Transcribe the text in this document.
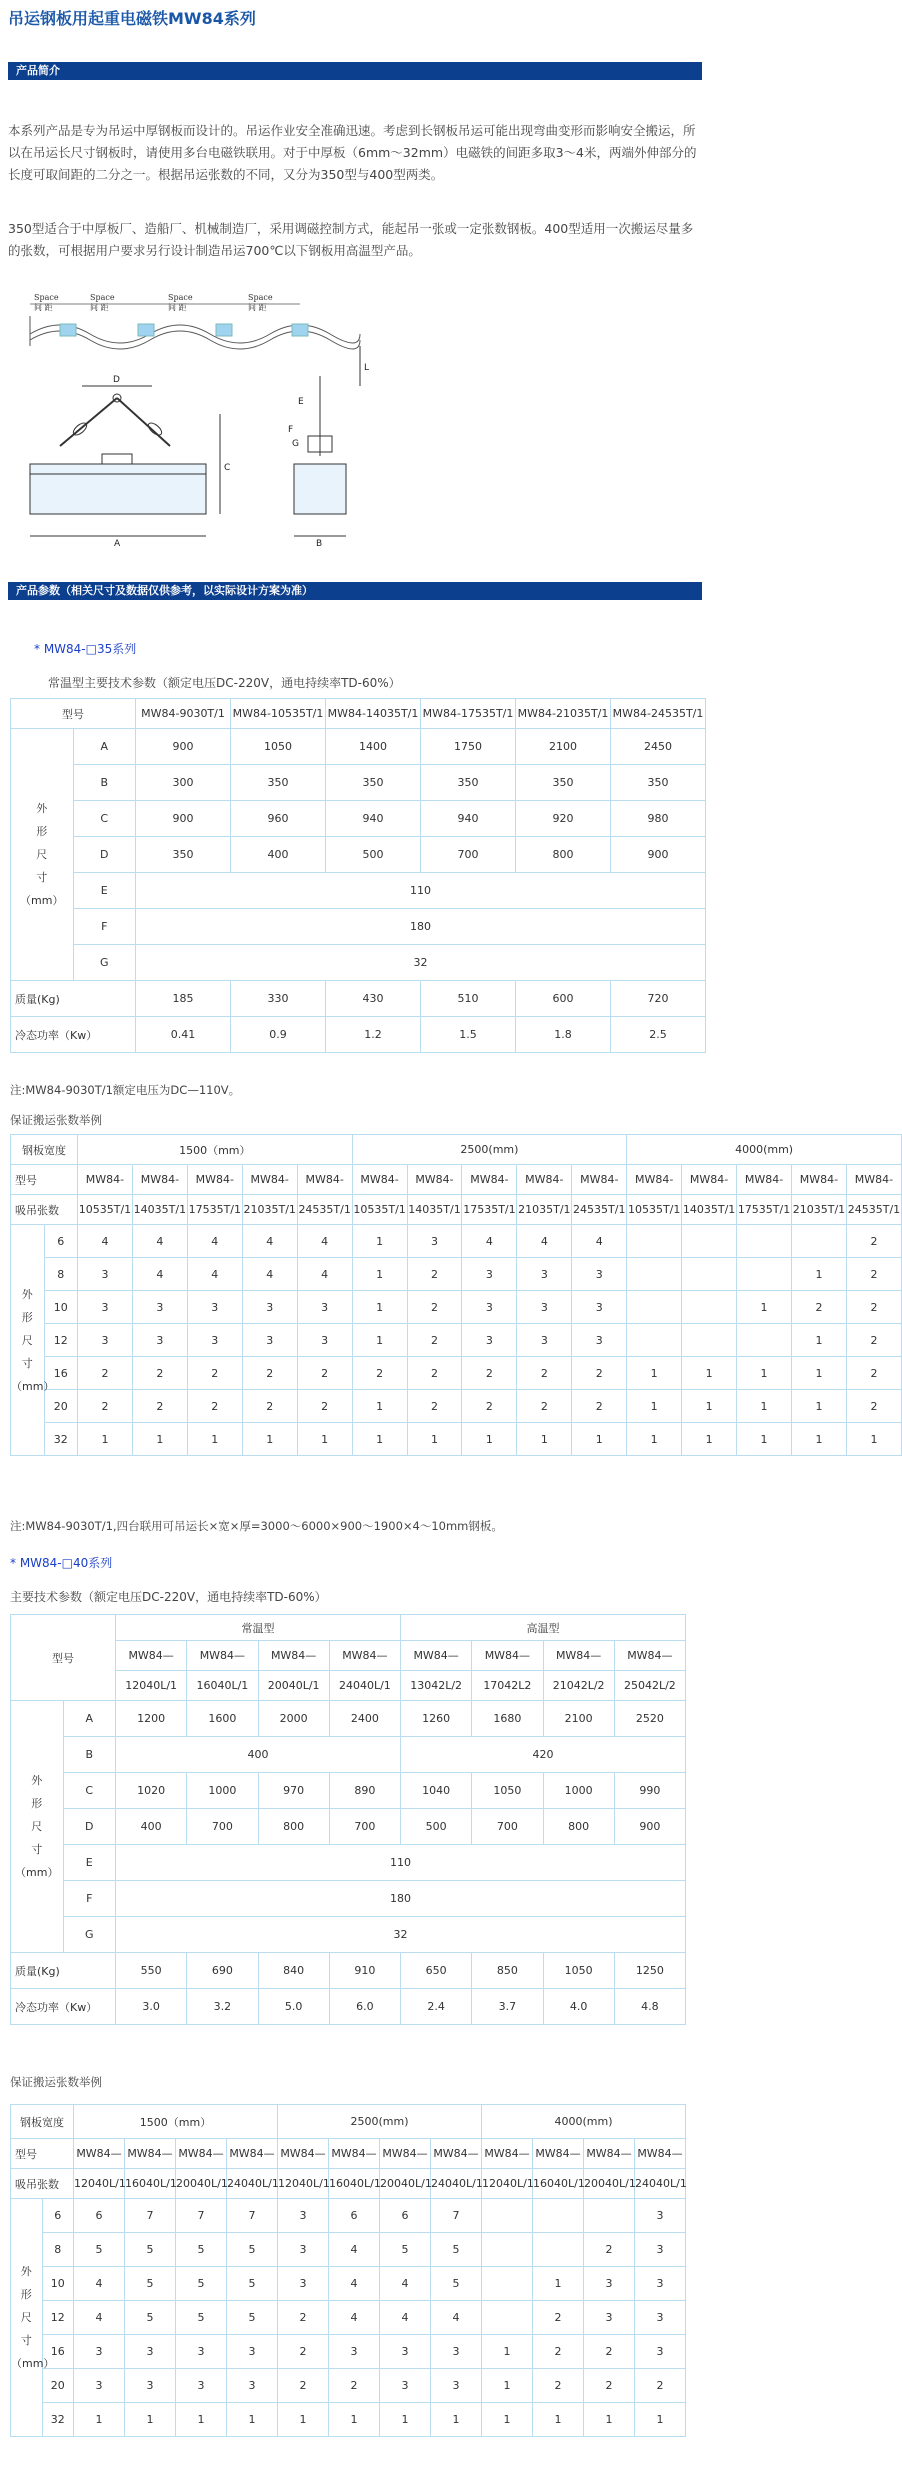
吊运钢板用起重电磁铁MW84系列
产品简介
本系列产品是专为吊运中厚钢板而设计的。吊运作业安全准确迅速。考虑到长钢板吊运可能出现弯曲变形而影响安全搬运，所以在吊运长尺寸钢板时，请使用多台电磁铁联用。对于中厚板（6mm～32mm）电磁铁的间距多取3～4米，两端外伸部分的长度可取间距的二分之一。根据吊运张数的不同，又分为350型与400型两类。
350型适合于中厚板厂、造船厂、机械制造厂，采用调磁控制方式，能起吊一张或一定张数钢板。400型适用一次搬运尽量多的张数，可根据用户要求另行设计制造吊运700℃以下钢板用高温型产品。
Space	Space	Space	Space
间 距	间 距	间 距	间 距
D
A
C
B
E
F
G
L
产品参数（相关尺寸及数据仅供参考，以实际设计方案为准）
* MW84-□35系列
常温型主要技术参数（额定电压DC-220V，通电持续率TD-60%）
型号		MW84-9030T/1	MW84-10535T/1	MW84-14035T/1	MW84-17535T/1	MW84-21035T/1	MW84-24535T/1

外
形
尺
寸
（mm）	A	900	1050	1400	1750	2100	2450
	B	300	350	350	350	350	350
	C	900	960	940	940	920	980
	D	350	400	500	700	800	900
	E	110					
	F	180					
	G	32					
质量(Kg)		185	330	430	510	600	720
冷态功率（Kw）		0.41	0.9	1.2	1.5	1.8	2.5
注:MW84-9030T/1额定电压为DC—110V。
保证搬运张数举例
钢板宽度		1500（mm）					2500(mm)					4000(mm)				
型号		MW84-	MW84-	MW84-	MW84-	MW84-	MW84-	MW84-	MW84-	MW84-	MW84-	MW84-	MW84-	MW84-	MW84-	MW84-
吸吊张数		10535T/1	14035T/1	17535T/1	21035T/1	24535T/1	10535T/1	14035T/1	17535T/1	21035T/1	24535T/1	10535T/1	14035T/1	17535T/1	21035T/1	24535T/1

外
形
尺
寸
（mm）	6	4	4	4	4	4	1	3	4	4	4					2
	8	3	4	4	4	4	1	2	3	3	3				1	2
	10	3	3	3	3	3	1	2	3	3	3			1	2	2
	12	3	3	3	3	3	1	2	3	3	3				1	2
	16	2	2	2	2	2	2	2	2	2	2	1	1	1	1	2
	20	2	2	2	2	2	1	2	2	2	2	1	1	1	1	2
	32	1	1	1	1	1	1	1	1	1	1	1	1	1	1	1
注:MW84-9030T/1,四台联用可吊运长×宽×厚=3000～6000×900～1900×4～10mm钢板。
* MW84-□40系列
主要技术参数（额定电压DC-220V，通电持续率TD-60%）
型号		常温型				高温型			
		MW84—	MW84—	MW84—	MW84—	MW84—	MW84—	MW84—	MW84—
		12040L/1	16040L/1	20040L/1	24040L/1	13042L/2	17042L2	21042L/2	25042L/2

外
形
尺
寸
（mm）	A	1200	1600	2000	2400	1260	1680	2100	2520
	B	400				420			
	C	1020	1000	970	890	1040	1050	1000	990
	D	400	700	800	700	500	700	800	900
	E	110							
	F	180							
	G	32							
质量(Kg)		550	690	840	910	650	850	1050	1250
冷态功率（Kw）		3.0	3.2	5.0	6.0	2.4	3.7	4.0	4.8
保证搬运张数举例
钢板宽度		1500（mm）				2500(mm)				4000(mm)			
型号		MW84—	MW84—	MW84—	MW84—	MW84—	MW84—	MW84—	MW84—	MW84—	MW84—	MW84—	MW84—
吸吊张数		12040L/1	16040L/1	20040L/1	24040L/1	12040L/1	16040L/1	20040L/1	24040L/1	12040L/1	16040L/1	20040L/1	24040L/1

外
形
尺
寸
（mm）	6	6	7	7	7	3	6	6	7				3
	8	5	5	5	5	3	4	5	5			2	3
	10	4	5	5	5	3	4	4	5		1	3	3
	12	4	5	5	5	2	4	4	4		2	3	3
	16	3	3	3	3	2	3	3	3	1	2	2	3
	20	3	3	3	3	2	2	3	3	1	2	2	2
	32	1	1	1	1	1	1	1	1	1	1	1	1
